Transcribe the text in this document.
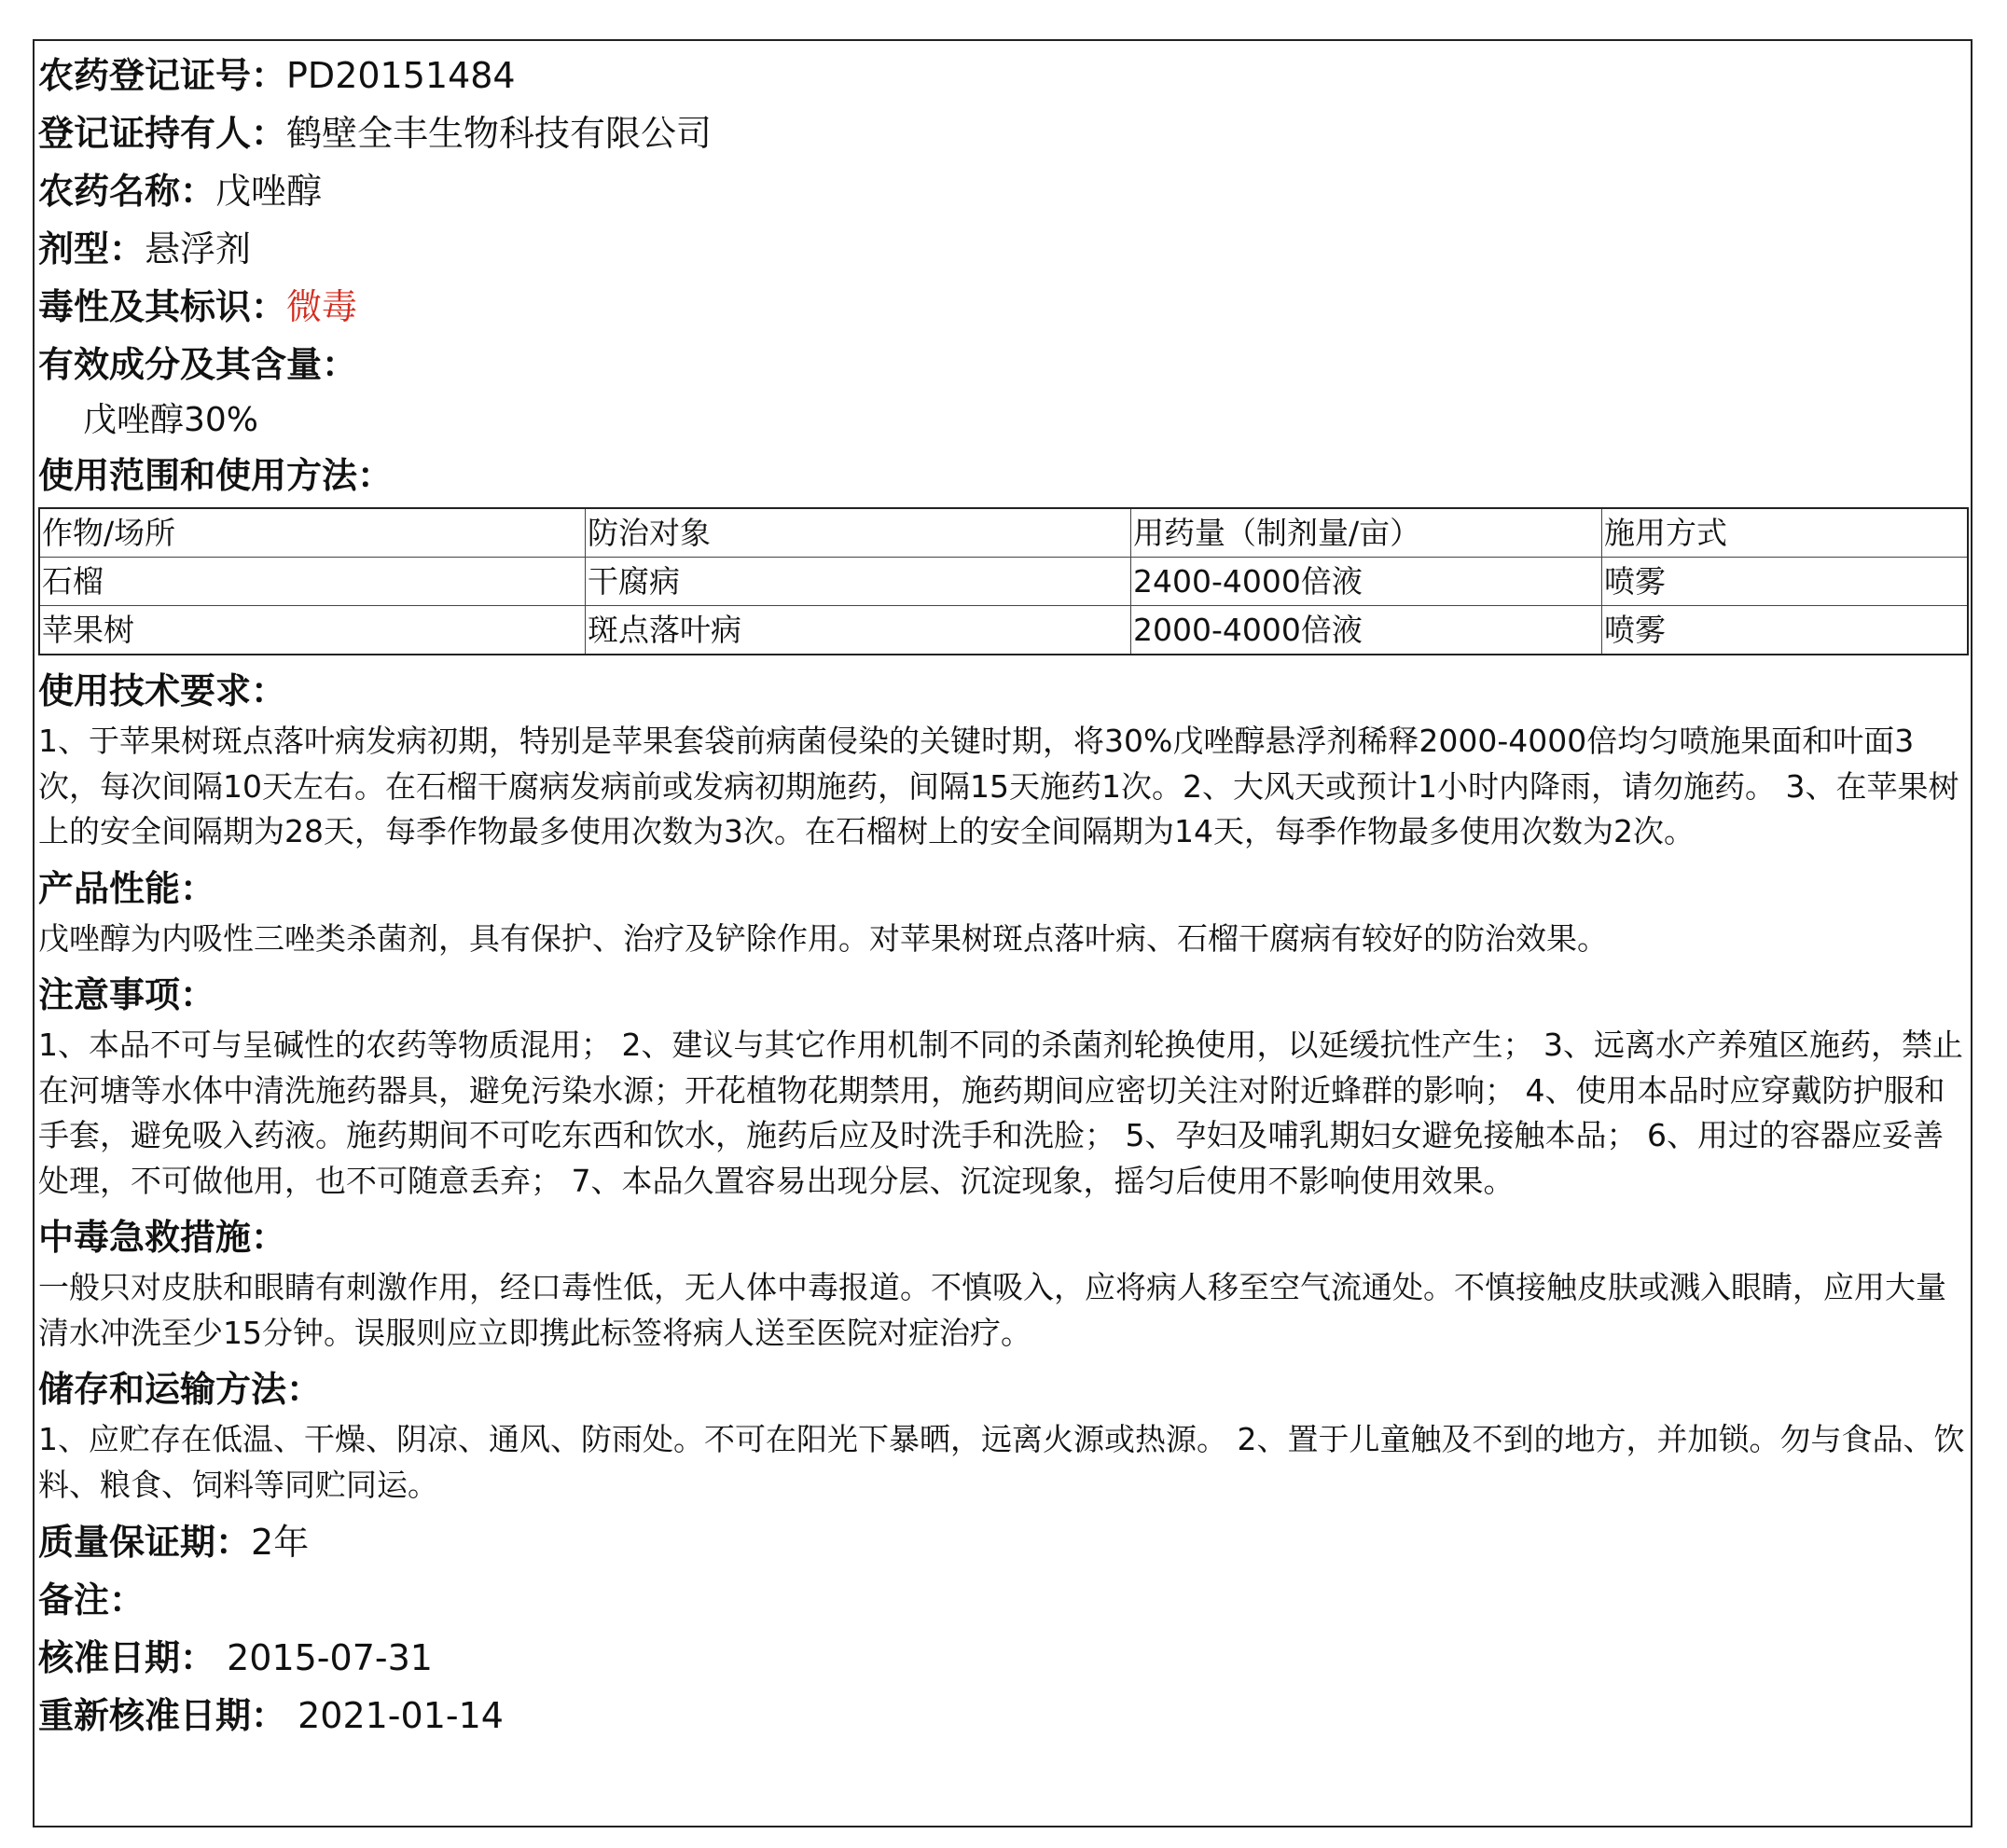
农药登记证号：PD20151484
登记证持有人：鹤壁全丰生物科技有限公司
农药名称：戊唑醇
剂型：悬浮剂
毒性及其标识：微毒
有效成分及其含量：
戊唑醇30%
使用范围和使用方法：
作物/场所	防治对象	用药量（制剂量/亩）	施用方式
石榴	干腐病	2400-4000倍液	喷雾
苹果树	斑点落叶病	2000-4000倍液	喷雾
使用技术要求：

1、于苹果树斑点落叶病发病初期，特别是苹果套袋前病菌侵染的关键时期，将30%戊唑醇悬浮剂稀释2000-4000倍均匀喷施果面和叶面3次，每次间隔10天左右。在石榴干腐病发病前或发病初期施药，间隔15天施药1次。2、大风天或预计1小时内降雨，请勿施药。 3、在苹果树上的安全间隔期为28天，每季作物最多使用次数为3次。在石榴树上的安全间隔期为14天，每季作物最多使用次数为2次。

产品性能：

戊唑醇为内吸性三唑类杀菌剂，具有保护、治疗及铲除作用。对苹果树斑点落叶病、石榴干腐病有较好的防治效果。

注意事项：

1、本品不可与呈碱性的农药等物质混用； 2、建议与其它作用机制不同的杀菌剂轮换使用，以延缓抗性产生； 3、远离水产养殖区施药，禁止在河塘等水体中清洗施药器具，避免污染水源；开花植物花期禁用，施药期间应密切关注对附近蜂群的影响； 4、使用本品时应穿戴防护服和手套，避免吸入药液。施药期间不可吃东西和饮水，施药后应及时洗手和洗脸； 5、孕妇及哺乳期妇女避免接触本品； 6、用过的容器应妥善处理，不可做他用，也不可随意丢弃； 7、本品久置容易出现分层、沉淀现象，摇匀后使用不影响使用效果。

中毒急救措施：

一般只对皮肤和眼睛有刺激作用，经口毒性低，无人体中毒报道。不慎吸入，应将病人移至空气流通处。不慎接触皮肤或溅入眼睛，应用大量清水冲洗至少15分钟。误服则应立即携此标签将病人送至医院对症治疗。

储存和运输方法：

1、应贮存在低温、干燥、阴凉、通风、防雨处。不可在阳光下暴晒，远离火源或热源。 2、置于儿童触及不到的地方，并加锁。勿与食品、饮料、粮食、饲料等同贮同运。

质量保证期：2年
备注：
核准日期： 2015-07-31
重新核准日期： 2021-01-14
